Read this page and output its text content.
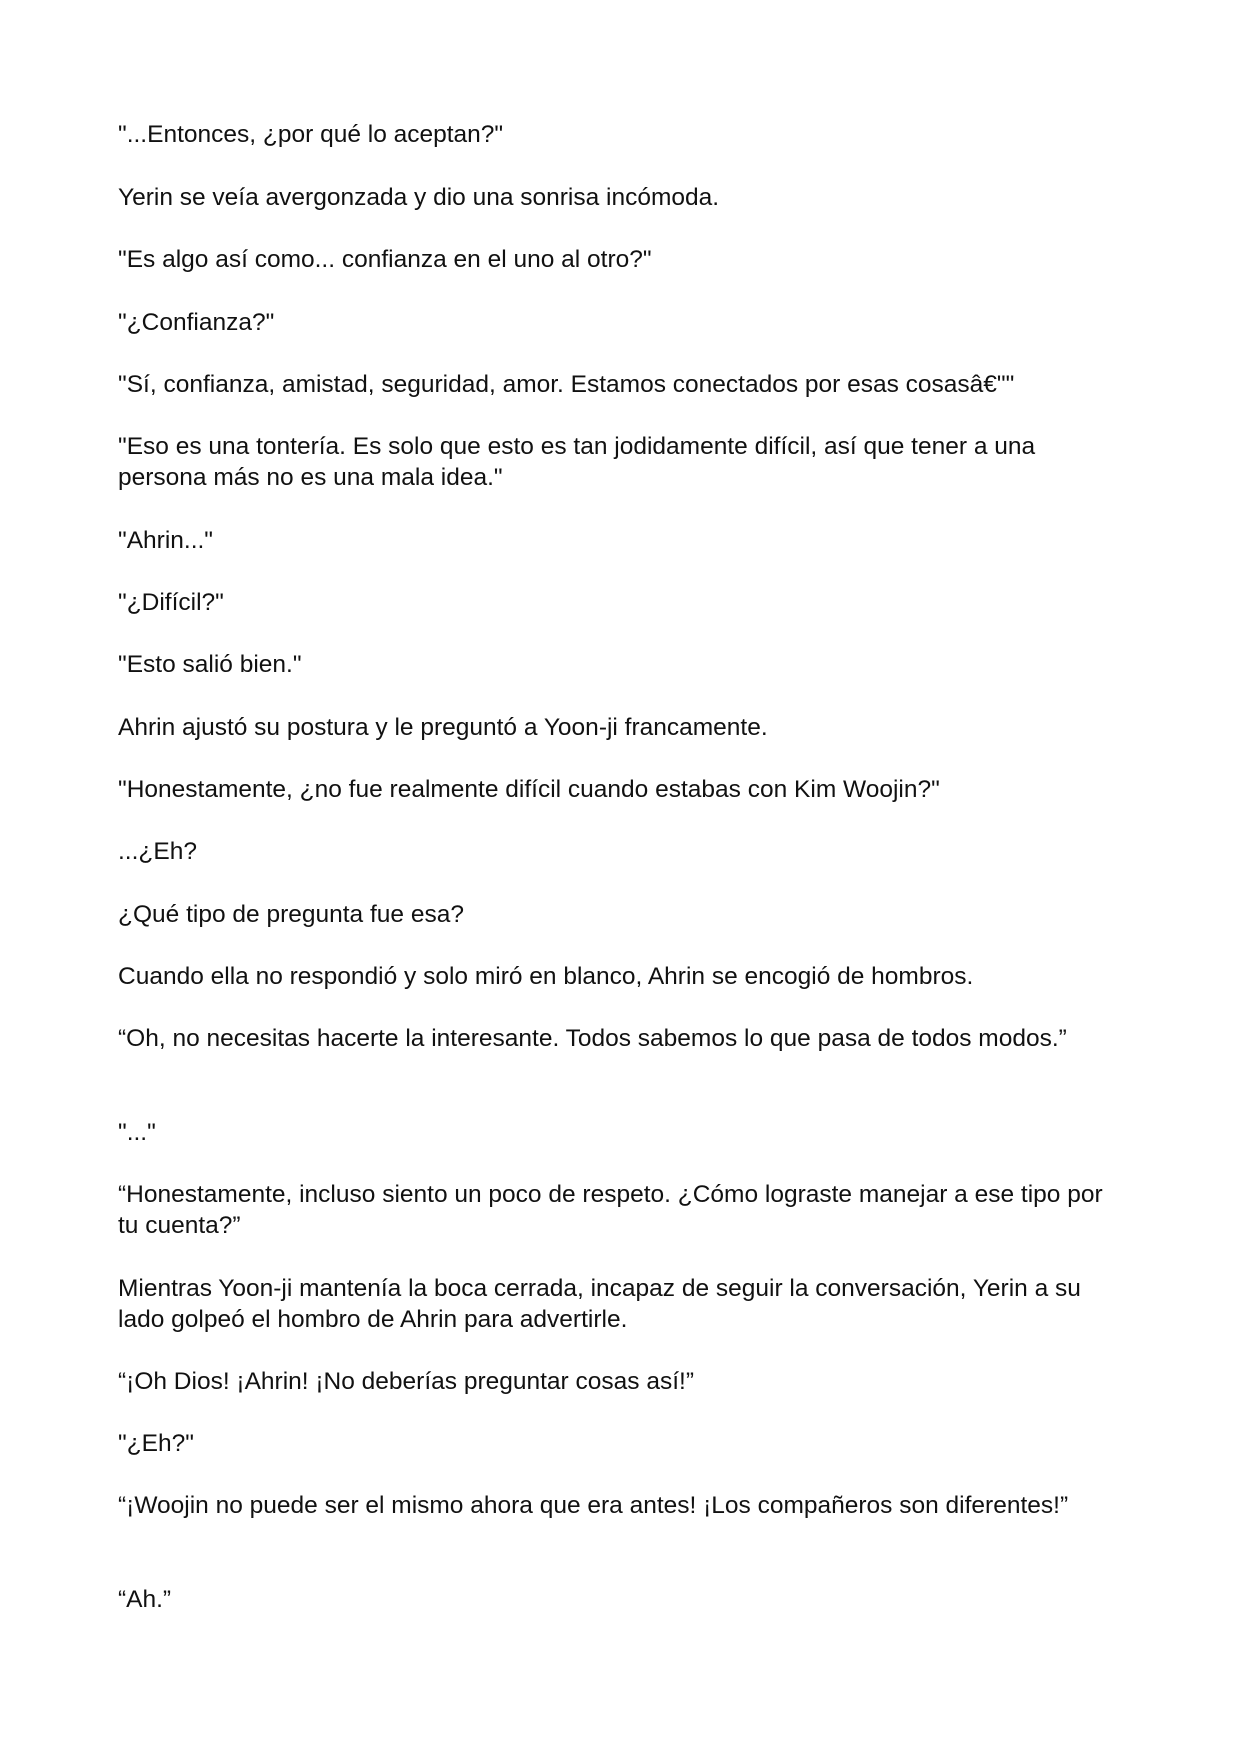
"...Entonces, ¿por qué lo aceptan?"

Yerin se veía avergonzada y dio una sonrisa incómoda.

"Es algo así como... confianza en el uno al otro?"

"¿Confianza?"

"Sí, confianza, amistad, seguridad, amor. Estamos conectados por esas cosasâ€""

"Eso es una tontería. Es solo que esto es tan jodidamente difícil, así que tener a una persona más no es una mala idea."

"Ahrin..."

"¿Difícil?"

"Esto salió bien."

Ahrin ajustó su postura y le preguntó a Yoon-ji francamente.

"Honestamente, ¿no fue realmente difícil cuando estabas con Kim Woojin?"

...¿Eh?

¿Qué tipo de pregunta fue esa?

Cuando ella no respondió y solo miró en blanco, Ahrin se encogió de hombros.

“Oh, no necesitas hacerte la interesante. Todos sabemos lo que pasa de todos modos.”

"..."

“Honestamente, incluso siento un poco de respeto. ¿Cómo lograste manejar a ese tipo por tu cuenta?”

Mientras Yoon-ji mantenía la boca cerrada, incapaz de seguir la conversación, Yerin a su lado golpeó el hombro de Ahrin para advertirle.

“¡Oh Dios! ¡Ahrin! ¡No deberías preguntar cosas así!”

"¿Eh?"

“¡Woojin no puede ser el mismo ahora que era antes! ¡Los compañeros son diferentes!”

“Ah.”
